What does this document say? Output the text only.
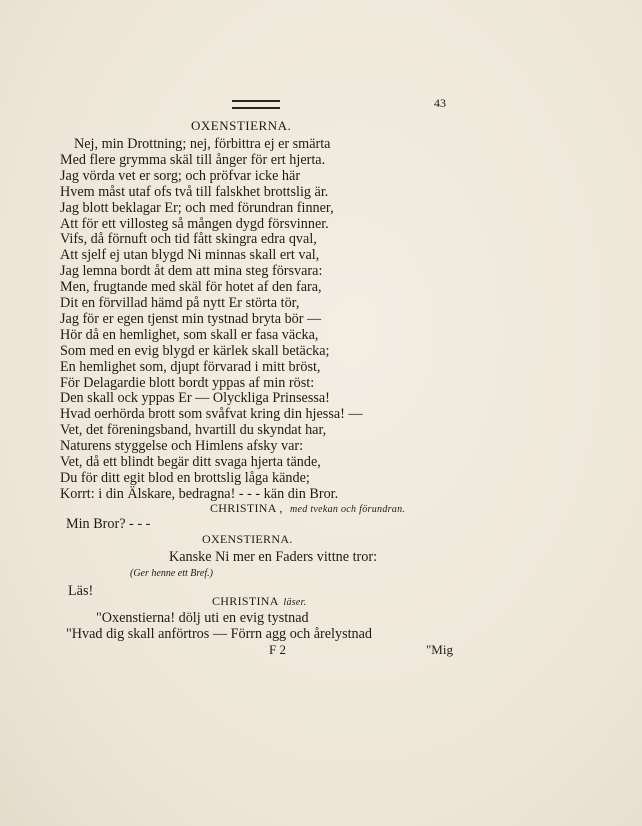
43
OXENSTIERNA.
Nej, min Drottning; nej, förbittra ej er smärta
Med flere grymma skäl till ånger för ert hjerta.
Jag vörda vet er sorg; och pröfvar icke här
Hvem måst utaf ofs två till falskhet brottslig är.
Jag blott beklagar Er; och med förundran finner,
Att för ett villosteg så mången dygd försvinner.
Vifs, då förnuft och tid fått skingra edra qval,
Att sjelf ej utan blygd Ni minnas skall ert val,
Jag lemna bordt åt dem att mina steg försvara:
Men, frugtande med skäl för hotet af den fara,
Dit en förvillad hämd på nytt Er störta tör,
Jag för er egen tjenst min tystnad bryta bör —
Hör då en hemlighet, som skall er fasa väcka,
Som med en evig blygd er kärlek skall betäcka;
En hemlighet som, djupt förvarad i mitt bröst,
För Delagardie blott bordt yppas af min röst:
Den skall ock yppas Er — Olyckliga Prinsessa!
Hvad oerhörda brott som svåfvat kring din hjessa! —
Vet, det föreningsband, hvartill du skyndat har,
Naturens styggelse och Himlens afsky var:
Vet, då ett blindt begär ditt svaga hjerta tände,
Du för ditt egit blod en brottslig låga kände;
Korrt: i din Älskare, bedragna! - - - kän din Bror.
CHRISTINA , med tvekan och förundran.
Min Bror? - - -
OXENSTIERNA.
Kanske Ni mer en Faders vittne tror:
(Ger henne ett Bref.)
Läs!
CHRISTINA läser.
"Oxenstierna! dölj uti en evig tystnad
"Hvad dig skall anförtros — Förrn agg och årelystnad
F 2	"Mig
